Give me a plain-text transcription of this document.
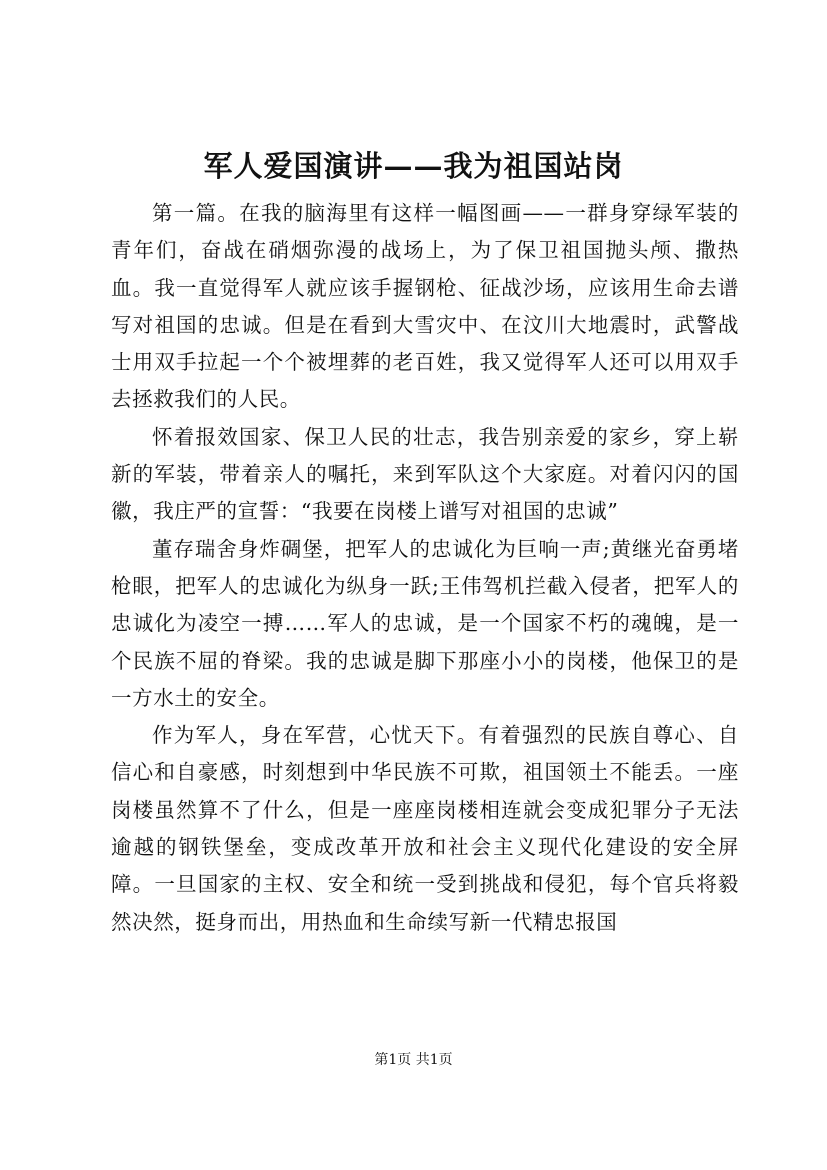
军人爱国演讲——我为祖国站岗

第一篇。在我的脑海里有这样一幅图画——一群身穿绿军装的青年们，奋战在硝烟弥漫的战场上，为了保卫祖国抛头颅、撒热血。我一直觉得军人就应该手握钢枪、征战沙场，应该用生命去谱写对祖国的忠诚。但是在看到大雪灾中、在汶川大地震时，武警战士用双手拉起一个个被埋葬的老百姓，我又觉得军人还可以用双手去拯救我们的人民。

怀着报效国家、保卫人民的壮志，我告别亲爱的家乡，穿上崭新的军装，带着亲人的嘱托，来到军队这个大家庭。对着闪闪的国徽，我庄严的宣誓：“我要在岗楼上谱写对祖国的忠诚”

董存瑞舍身炸碉堡，把军人的忠诚化为巨响一声;黄继光奋勇堵枪眼，把军人的忠诚化为纵身一跃;王伟驾机拦截入侵者，把军人的忠诚化为凌空一搏……军人的忠诚，是一个国家不朽的魂魄，是一个民族不屈的脊梁。我的忠诚是脚下那座小小的岗楼，他保卫的是一方水土的安全。

作为军人，身在军营，心忧天下。有着强烈的民族自尊心、自信心和自豪感，时刻想到中华民族不可欺，祖国领土不能丢。一座岗楼虽然算不了什么，但是一座座岗楼相连就会变成犯罪分子无法逾越的钢铁堡垒，变成改革开放和社会主义现代化建设的安全屏障。一旦国家的主权、安全和统一受到挑战和侵犯，每个官兵将毅然决然，挺身而出，用热血和生命续写新一代精忠报国

第1页 共1页
